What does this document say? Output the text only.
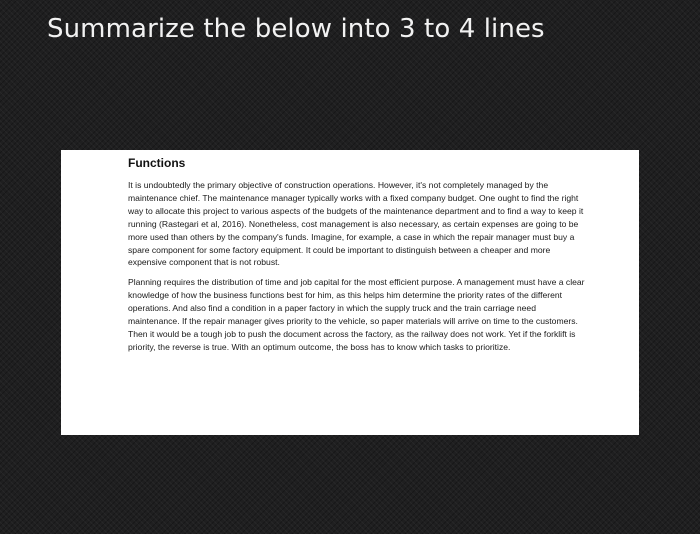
Summarize the below into 3 to 4 lines
Functions

It is undoubtedly the primary objective of construction operations. However, it's not completely managed by the maintenance chief. The maintenance manager typically works with a fixed company budget. One ought to find the right way to allocate this project to various aspects of the budgets of the maintenance department and to find a way to keep it running (Rastegari et al, 2016). Nonetheless, cost management is also necessary, as certain expenses are going to be more used than others by the company's funds. Imagine, for example, a case in which the repair manager must buy a spare component for some factory equipment. It could be important to distinguish between a cheaper and more expensive component that is not robust.

Planning requires the distribution of time and job capital for the most efficient purpose. A management must have a clear knowledge of how the business functions best for him, as this helps him determine the priority rates of the different operations. And also find a condition in a paper factory in which the supply truck and the train carriage need maintenance. If the repair manager gives priority to the vehicle, so paper materials will arrive on time to the customers. Then it would be a tough job to push the document across the factory, as the railway does not work. Yet if the forklift is priority, the reverse is true. With an optimum outcome, the boss has to know which tasks to prioritize.
